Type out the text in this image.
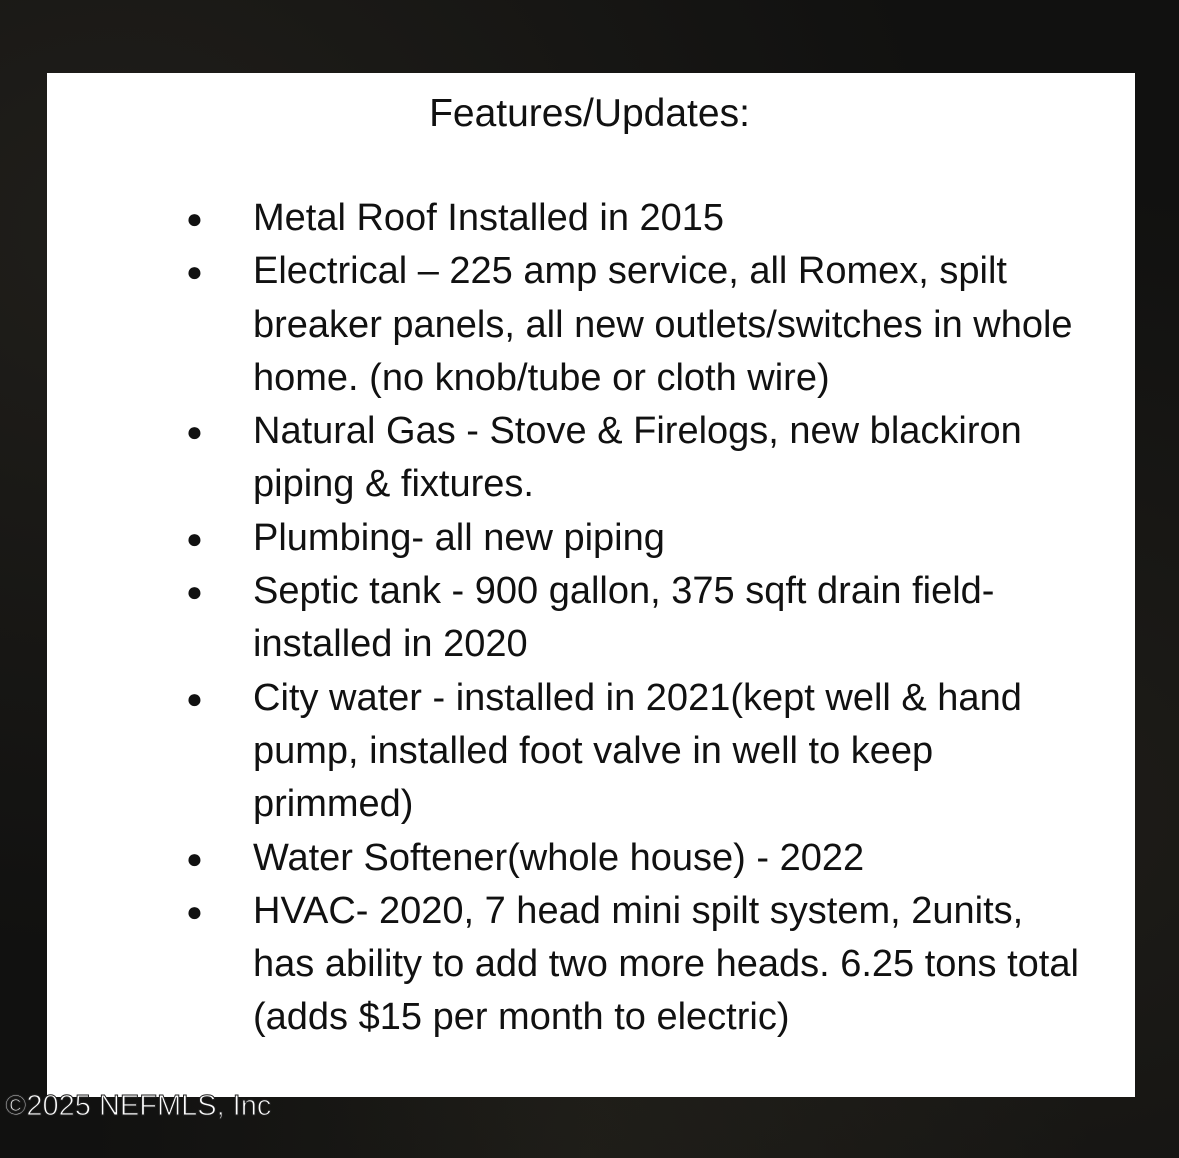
Features/Updates:
● Metal Roof Installed in 2015
● Electrical – 225 amp service, all Romex, spilt breaker panels, all new outlets/switches in whole home. (no knob/tube or cloth wire)
● Natural Gas - Stove & Firelogs, new blackiron piping & fixtures.
● Plumbing- all new piping
● Septic tank - 900 gallon, 375 sqft drain field- installed in 2020
● City water - installed in 2021(kept well & hand pump, installed foot valve in well to keep primmed)
● Water Softener(whole house) - 2022
● HVAC- 2020, 7 head mini spilt system, 2units, has ability to add two more heads. 6.25 tons total (adds $15 per month to electric)
©2025 NEFMLS, Inc
